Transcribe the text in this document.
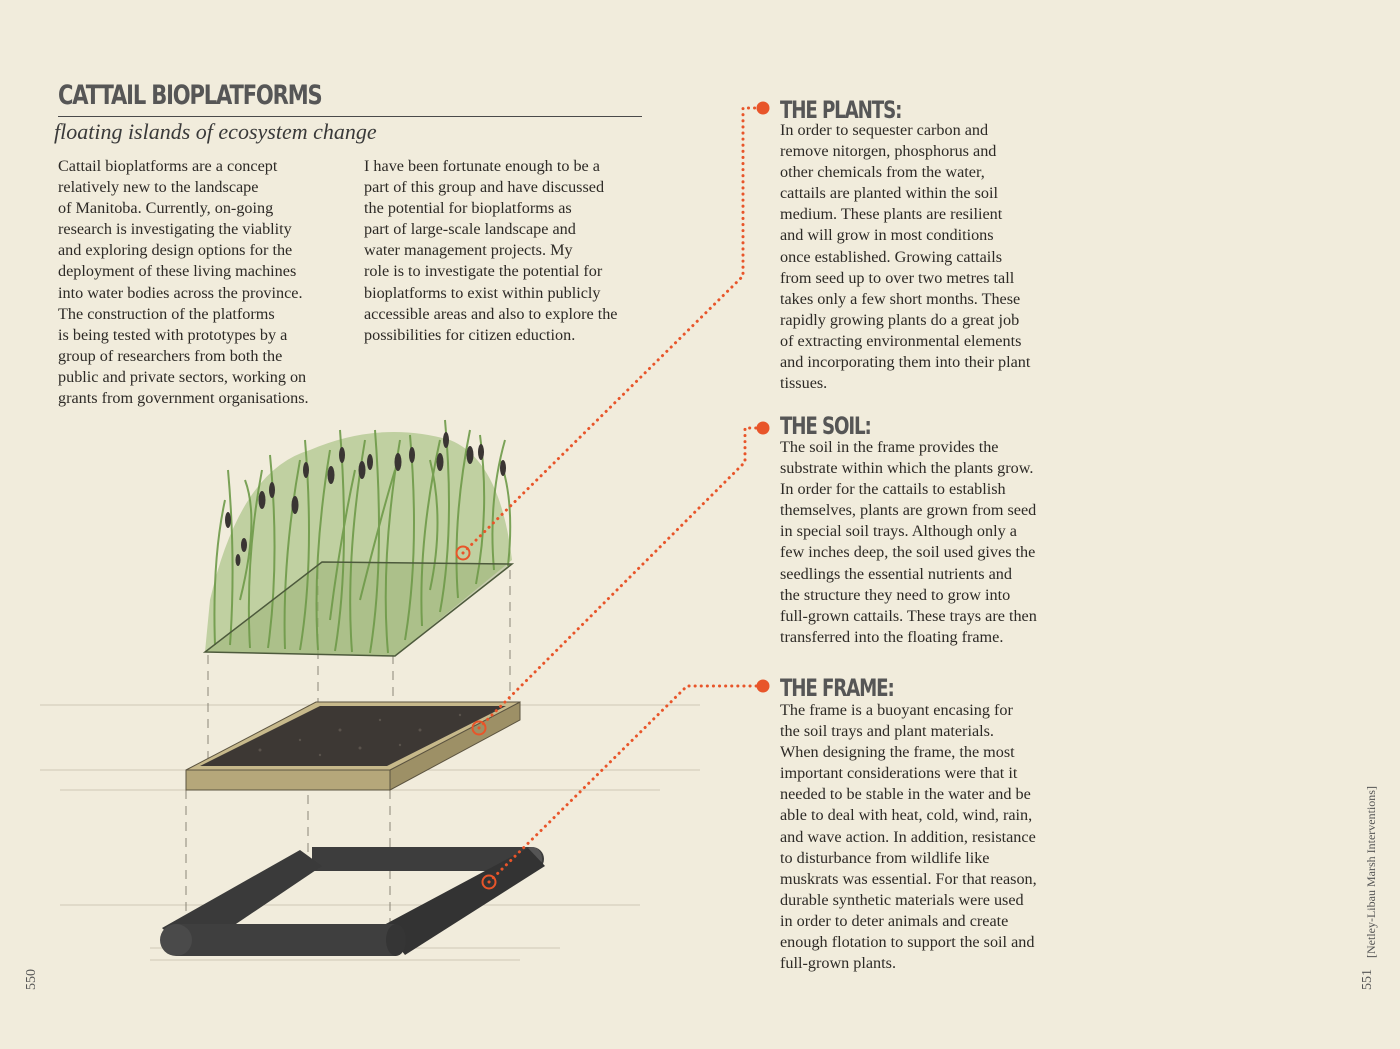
CATTAIL BIOPLATFORMS
floating islands of ecosystem change

Cattail bioplatforms are a concept
relatively new to the landscape
of Manitoba. Currently, on-going
research is investigating the viablity
and exploring design options for the
deployment of these living machines
into water bodies across the province.
The construction of the platforms
is being tested with prototypes by a
group of researchers from both the
public and private sectors, working on
grants from government organisations.

I have been fortunate enough to be a
part of this group and have discussed
the potential for bioplatforms as
part of large-scale landscape and
water management projects. My
role is to investigate the potential for
bioplatforms to exist within publicly
accessible areas and also to explore the
possibilities for citizen eduction.

THE PLANTS:

In order to sequester carbon and
remove nitorgen, phosphorus and
other chemicals from the water,
cattails are planted within the soil
medium. These plants are resilient
and will grow in most conditions
once established. Growing cattails
from seed up to over two metres tall
takes only a few short months. These
rapidly growing plants do a great job
of extracting environmental elements
and incorporating them into their plant
tissues.

THE SOIL:

The soil in the frame provides the
substrate within which the plants grow.
In order for the cattails to establish
themselves, plants are grown from seed
in special soil trays. Although only a
few inches deep, the soil used gives the
seedlings the essential nutrients and
the structure they need to grow into
full-grown cattails. These trays are then
transferred into the floating frame.

THE FRAME:

The frame is a buoyant encasing for
the soil trays and plant materials.
When designing the frame, the most
important considerations were that it
needed to be stable in the water and be
able to deal with heat, cold, wind, rain,
and wave action. In addition, resistance
to disturbance from wildlife like
muskrats was essential. For that reason,
durable synthetic materials were used
in order to deter animals and create
enough flotation to support the soil and
full-grown plants.

550	551
[Netley-Libau Marsh Interventions]
